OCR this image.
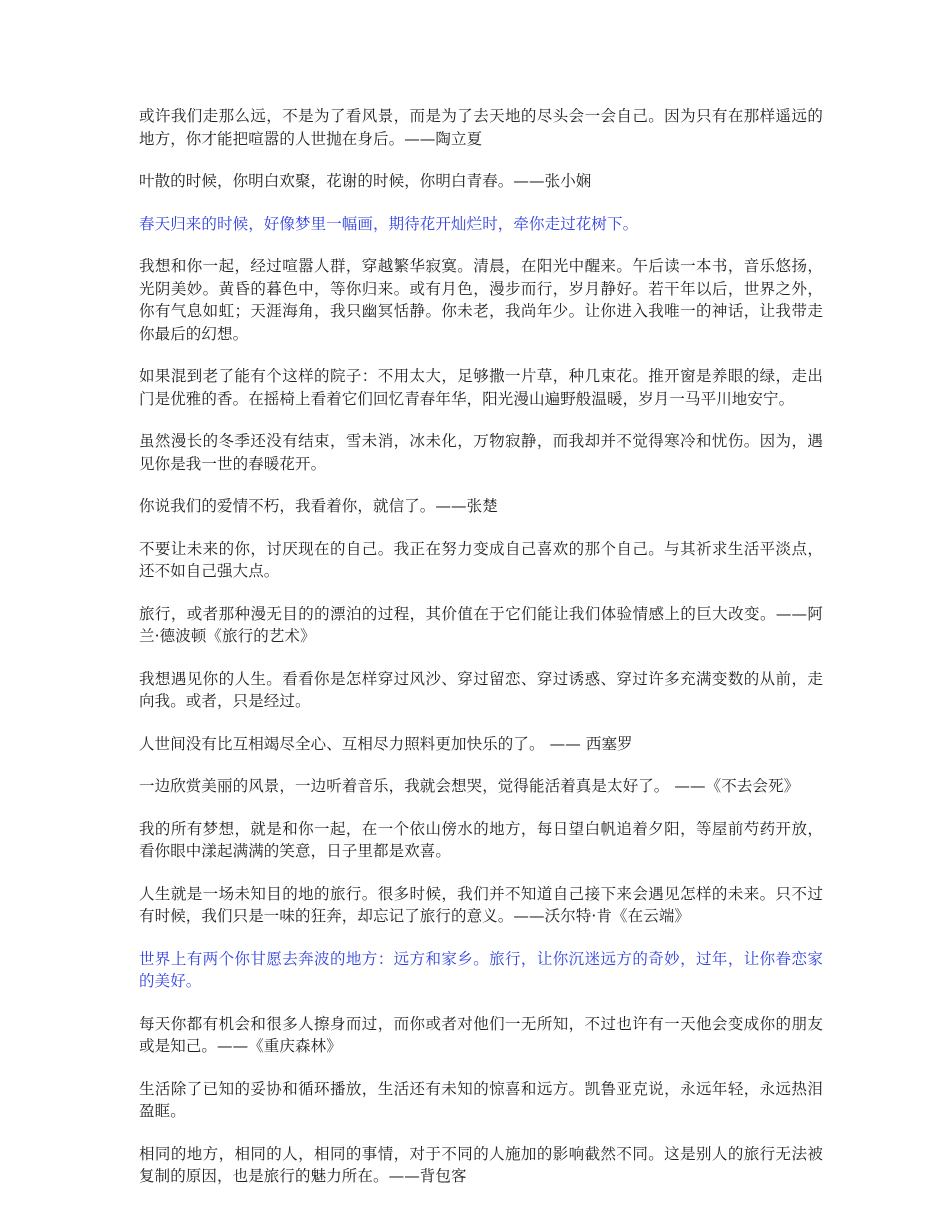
或许我们走那么远，不是为了看风景，而是为了去天地的尽头会一会自己。因为只有在那样遥远的地方，你才能把喧嚣的人世抛在身后。——陶立夏

叶散的时候，你明白欢聚，花谢的时候，你明白青春。——张小娴

春天归来的时候，好像梦里一幅画，期待花开灿烂时，牵你走过花树下。

我想和你一起，经过喧嚣人群，穿越繁华寂寞。清晨，在阳光中醒来。午后读一本书，音乐悠扬，光阴美妙。黄昏的暮色中，等你归来。或有月色，漫步而行，岁月静好。若干年以后，世界之外，你有气息如虹；天涯海角，我只幽冥恬静。你未老，我尚年少。让你进入我唯一的神话，让我带走你最后的幻想。

如果混到老了能有个这样的院子：不用太大，足够撒一片草，种几束花。推开窗是养眼的绿，走出门是优雅的香。在摇椅上看着它们回忆青春年华，阳光漫山遍野般温暖，岁月一马平川地安宁。

虽然漫长的冬季还没有结束，雪未消，冰未化，万物寂静，而我却并不觉得寒冷和忧伤。因为，遇见你是我一世的春暖花开。

你说我们的爱情不朽，我看着你，就信了。——张楚

不要让未来的你，讨厌现在的自己。我正在努力变成自己喜欢的那个自己。与其祈求生活平淡点，还不如自己强大点。

旅行，或者那种漫无目的的漂泊的过程，其价值在于它们能让我们体验情感上的巨大改变。——阿兰·德波顿《旅行的艺术》

我想遇见你的人生。看看你是怎样穿过风沙、穿过留恋、穿过诱惑、穿过许多充满变数的从前，走向我。或者，只是经过。

人世间没有比互相竭尽全心、互相尽力照料更加快乐的了。 —— 西塞罗

一边欣赏美丽的风景，一边听着音乐，我就会想哭，觉得能活着真是太好了。 ——《不去会死》

我的所有梦想，就是和你一起，在一个依山傍水的地方，每日望白帆追着夕阳，等屋前芍药开放，看你眼中漾起满满的笑意，日子里都是欢喜。

人生就是一场未知目的地的旅行。很多时候，我们并不知道自己接下来会遇见怎样的未来。只不过有时候，我们只是一味的狂奔，却忘记了旅行的意义。——沃尔特·肯《在云端》

世界上有两个你甘愿去奔波的地方：远方和家乡。旅行，让你沉迷远方的奇妙，过年，让你眷恋家的美好。

每天你都有机会和很多人擦身而过，而你或者对他们一无所知，不过也许有一天他会变成你的朋友或是知己。——《重庆森林》

生活除了已知的妥协和循环播放，生活还有未知的惊喜和远方。凯鲁亚克说，永远年轻，永远热泪盈眶。

相同的地方，相同的人，相同的事情，对于不同的人施加的影响截然不同。这是别人的旅行无法被复制的原因，也是旅行的魅力所在。——背包客
